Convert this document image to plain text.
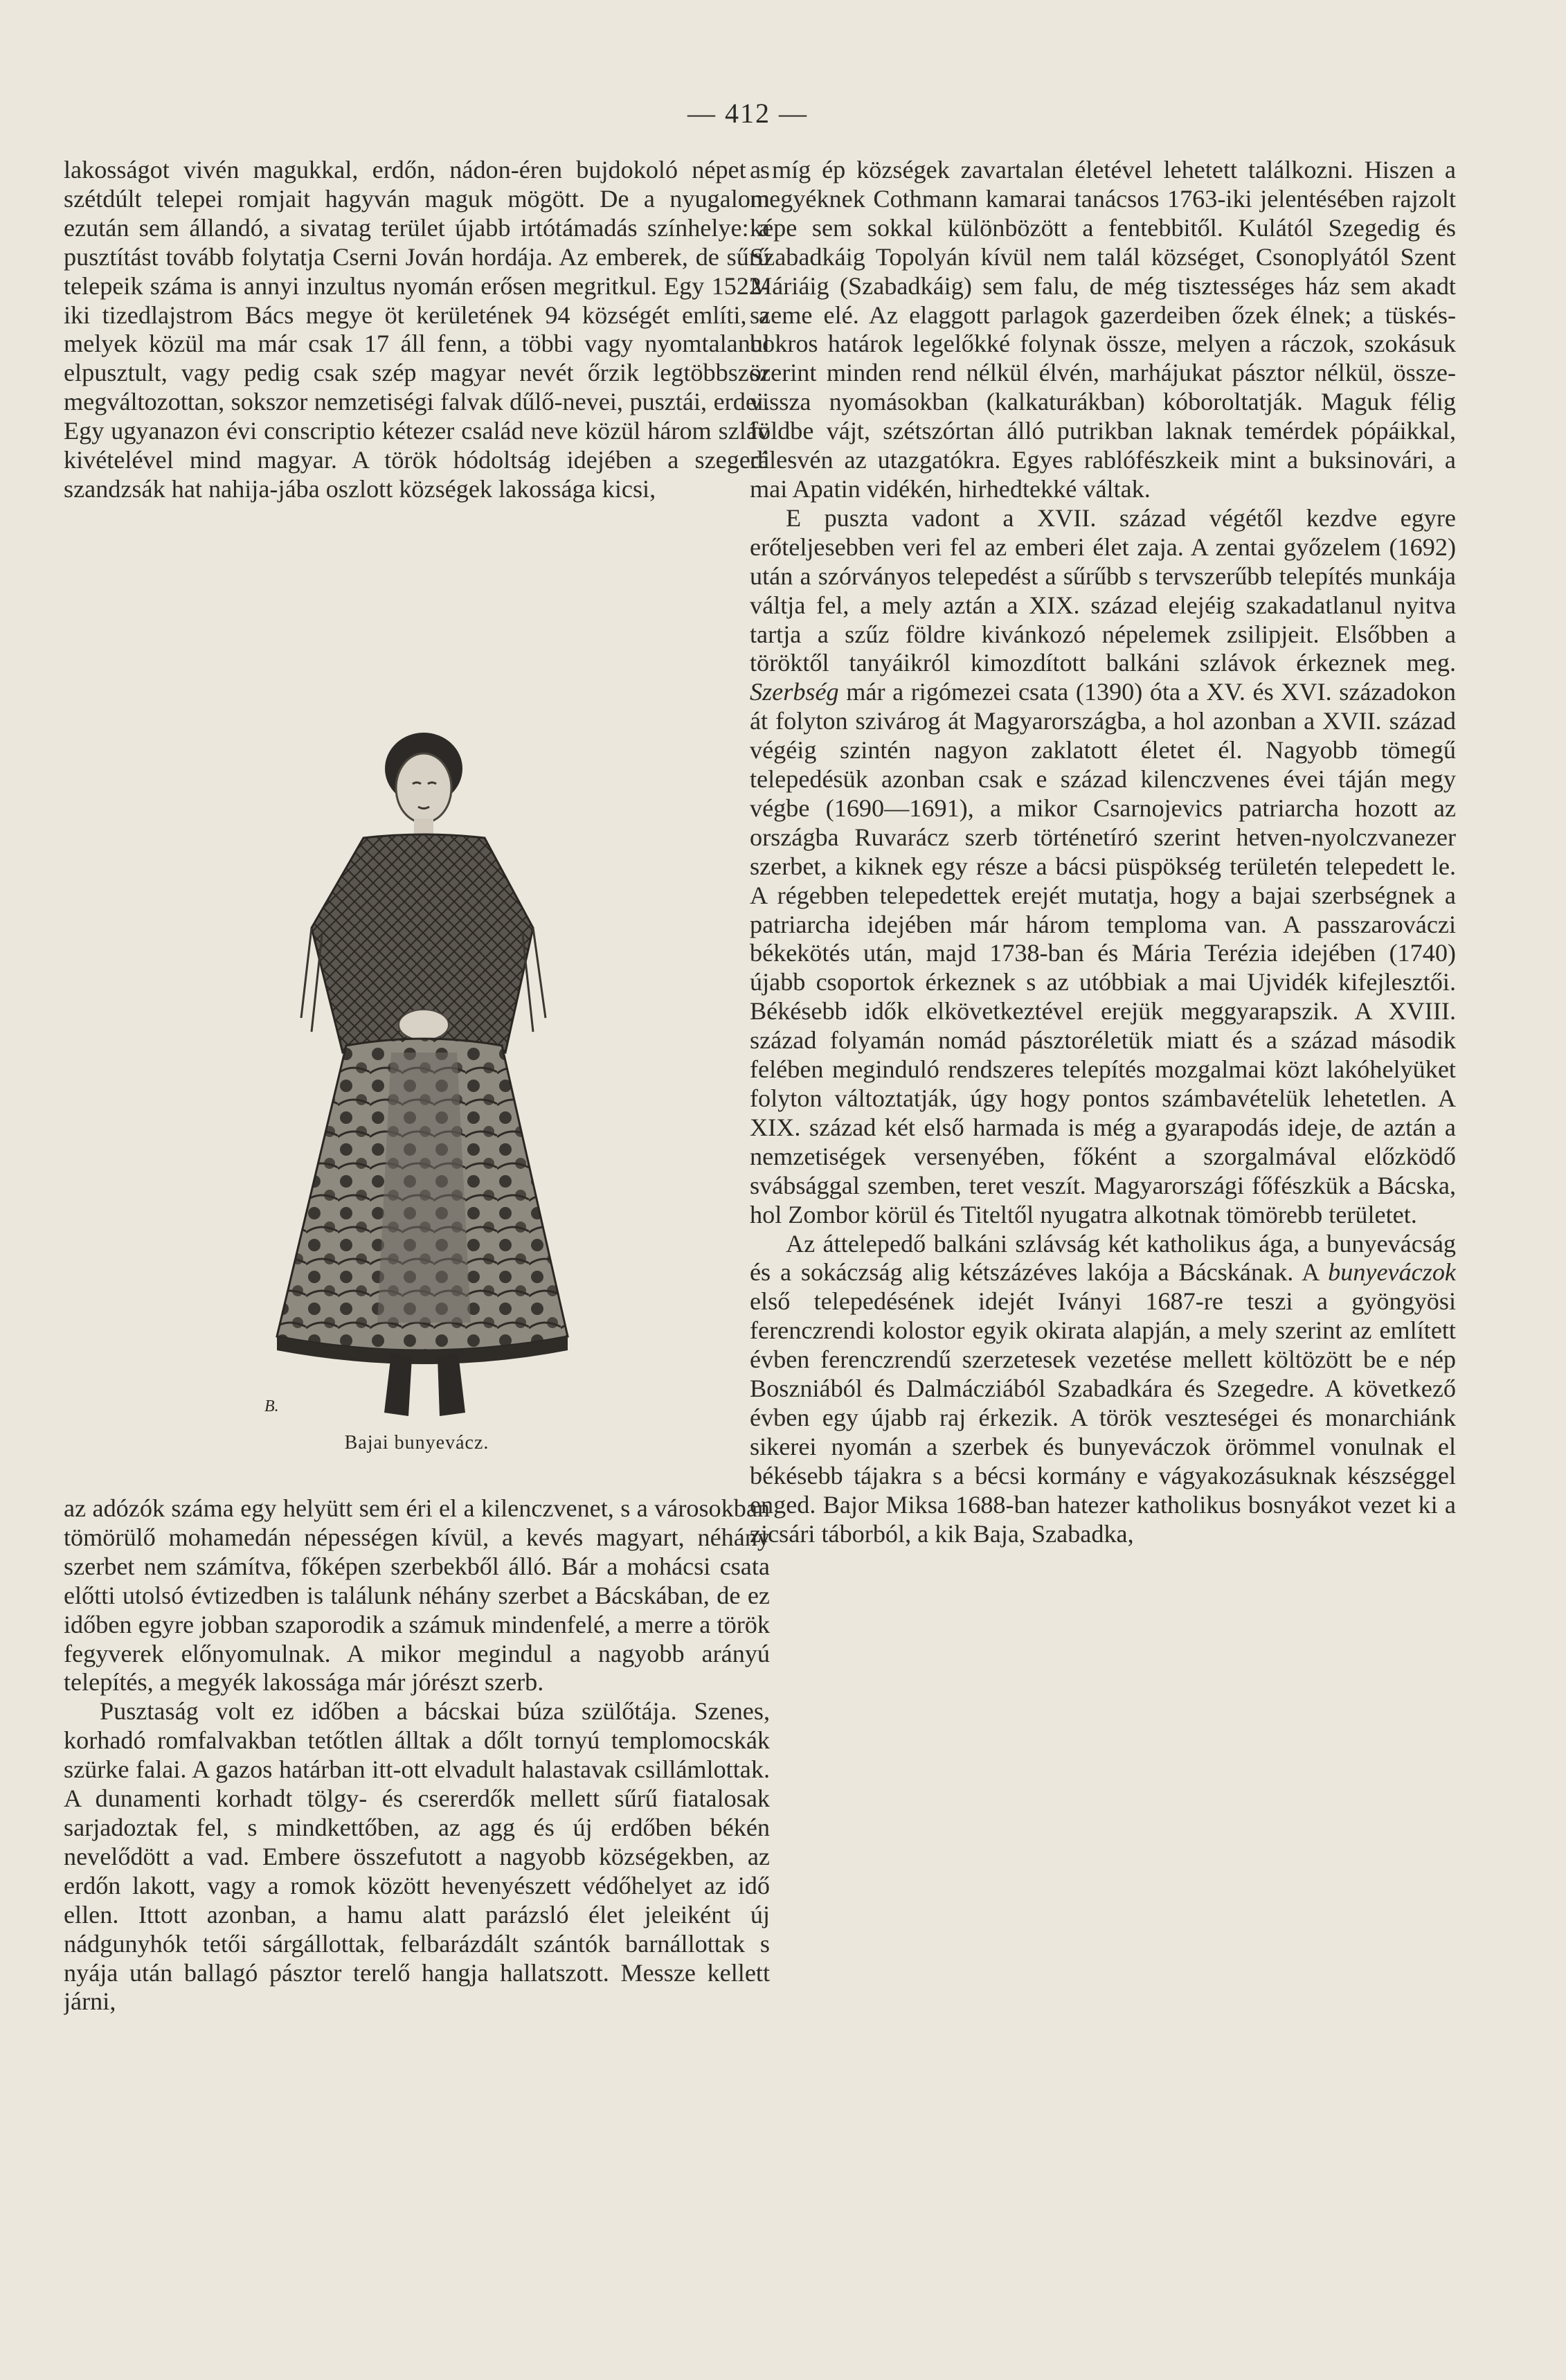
— 412 —

lakosságot vivén magukkal, erdőn, nádon-éren bujdokoló népet s szétdúlt telepei romjait hagyván maguk mögött. De a nyugalom ezután sem állandó, a sivatag terület újabb irtótámadás színhelye: a pusztítást tovább folytatja Cserni Jován hordája. Az emberek, de sűrű telepeik száma is annyi inzultus nyomán erősen megritkul. Egy 1522-iki tizedlajstrom Bács megye öt kerületének 94 községét említi, a melyek közül ma már csak 17 áll fenn, a többi vagy nyomtalanul elpusztult, vagy pedig csak szép magyar nevét őrzik legtöbbször megváltozottan, sokszor nemzetiségi falvak dűlő-nevei, pusztái, erdei. Egy ugyanazon évi conscriptio kétezer család neve közül három szláv kivételével mind magyar. A török hódoltság idejében a szegedi szandzsák hat nahija-jába oszlott községek lakossága kicsi,

B.
Bajai bunyevácz.

az adózók száma egy helyütt sem éri el a kilenczvenet, s a városokban tömörülő mohamedán népességen kívül, a kevés magyart, néhány szerbet nem számítva, főképen szerbekből álló. Bár a mohácsi csata előtti utolsó évtizedben is találunk néhány szerbet a Bácskában, de ez időben egyre jobban szaporodik a számuk mindenfelé, a merre a török fegyverek előnyomulnak. A mikor megindul a nagyobb arányú telepítés, a megyék lakossága már jórészt szerb.

Pusztaság volt ez időben a bácskai búza szülőtája. Szenes, korhadó romfalvakban tetőtlen álltak a dőlt tornyú templomocskák szürke falai. A gazos határban itt-ott elvadult halastavak csillámlottak. A dunamenti korhadt tölgy- és csererdők mellett sűrű fiatalosak sarjadoztak fel, s mindkettőben, az agg és új erdőben békén nevelődött a vad. Embere összefutott a nagyobb községekben, az erdőn lakott, vagy a romok között hevenyészett védőhelyet az idő ellen. Ittott azonban, a hamu alatt parázsló élet jeleiként új nádgunyhók tetői sárgállottak, felbarázdált szántók barnállottak s nyája után ballagó pásztor terelő hangja hallatszott. Messze kellett járni,

a míg ép községek zavartalan életével lehetett találkozni. Hiszen a megyéknek Cothmann kamarai tanácsos 1763-iki jelentésében rajzolt képe sem sokkal különbözött a fentebbitől. Kulától Szegedig és Szabadkáig Topolyán kívül nem talál községet, Csonoplyától Szent Máriáig (Szabadkáig) sem falu, de még tisztességes ház sem akadt szeme elé. Az elaggott parlagok gazerdeiben őzek élnek; a tüskés-bokros határok legelőkké folynak össze, melyen a ráczok, szokásuk szerint minden rend nélkül élvén, marhájukat pásztor nélkül, össze-vissza nyomásokban (kalkaturákban) kóboroltatják. Maguk félig földbe vájt, szétszórtan álló putrikban laknak temérdek pópáikkal, rálesvén az utazgatókra. Egyes rablófészkeik mint a buksinovári, a mai Apatin vidékén, hirhedtekké váltak.

E puszta vadont a XVII. század végétől kezdve egyre erőteljesebben veri fel az emberi élet zaja. A zentai győzelem (1692) után a szórványos telepedést a sűrűbb s tervszerűbb telepítés munkája váltja fel, a mely aztán a XIX. század elejéig szakadatlanul nyitva tartja a szűz földre kivánkozó népelemek zsilipjeit. Elsőbben a töröktől tanyáikról kimozdított balkáni szlávok érkeznek meg. Szerbség már a rigómezei csata (1390) óta a XV. és XVI. századokon át folyton szivárog át Magyarországba, a hol azonban a XVII. század végéig szintén nagyon zaklatott életet él. Nagyobb tömegű telepedésük azonban csak e század kilenczvenes évei táján megy végbe (1690—1691), a mikor Csarnojevics patriarcha hozott az országba Ruvarácz szerb történetíró szerint hetven-nyolczvanezer szerbet, a kiknek egy része a bácsi püspökség területén telepedett le. A régebben telepedettek erejét mutatja, hogy a bajai szerbségnek a patriarcha idejében már három temploma van. A passzarováczi békekötés után, majd 1738-ban és Mária Terézia idejében (1740) újabb csoportok érkeznek s az utóbbiak a mai Ujvidék kifejlesztői. Békésebb idők elkövetkeztével erejük meggyarapszik. A XVIII. század folyamán nomád pásztoréletük miatt és a század második felében meginduló rendszeres telepítés mozgalmai közt lakóhelyüket folyton változtatják, úgy hogy pontos számbavételük lehetetlen. A XIX. század két első harmada is még a gyarapodás ideje, de aztán a nemzetiségek versenyében, főként a szorgalmával előzködő svábsággal szemben, teret veszít. Magyarországi főfészkük a Bácska, hol Zombor körül és Titeltől nyugatra alkotnak tömörebb területet.

Az áttelepedő balkáni szlávság két katholikus ága, a bunyevácság és a sokáczság alig kétszázéves lakója a Bácskának. A bunyeváczok első telepedésének idejét Iványi 1687-re teszi a gyöngyösi ferenczrendi kolostor egyik okirata alapján, a mely szerint az említett évben ferenczrendű szerzetesek vezetése mellett költözött be e nép Boszniából és Dalmácziából Szabadkára és Szegedre. A következő évben egy újabb raj érkezik. A török veszteségei és monarchiánk sikerei nyomán a szerbek és bunyeváczok örömmel vonulnak el békésebb tájakra s a bécsi kormány e vágyakozásuknak készséggel enged. Bajor Miksa 1688-ban hatezer katholikus bosnyákot vezet ki a zicsári táborból, a kik Baja, Szabadka,
